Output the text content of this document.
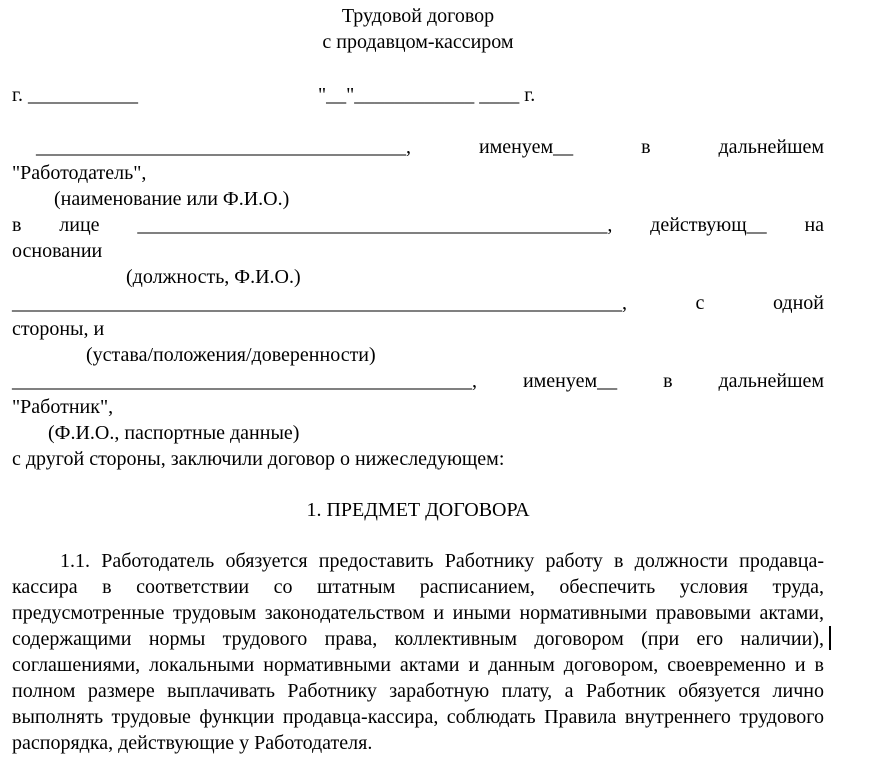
Трудовой договор
с продавцом-кассиром
г. ___________                                    "__"____________ ____ г.
_____________________________________,	именуем__	в	дальнейшем
"Работодатель",
(наименование или Ф.И.О.)
в лице _______________________________________________, действующ__ на
основании
(должность, Ф.И.О.)
_____________________________________________________________,	с	одной
стороны, и
(устава/положения/доверенности)
______________________________________________, именуем__ в дальнейшем
"Работник",
(Ф.И.О., паспортные данные)
с другой стороны, заключили договор о нижеследующем:
1. ПРЕДМЕТ ДОГОВОРА
1.1. Работодатель обязуется предоставить Работнику работу в должности продавца-кассира в соответствии со штатным расписанием, обеспечить условия труда, предусмотренные трудовым законодательством и иными нормативными правовыми актами, содержащими нормы трудового права, коллективным договором (при его наличии), соглашениями, локальными нормативными актами и данным договором, своевременно и в полном размере выплачивать Работнику заработную плату, а Работник обязуется лично выполнять трудовые функции продавца-кассира, соблюдать Правила внутреннего трудового распорядка, действующие у Работодателя.
